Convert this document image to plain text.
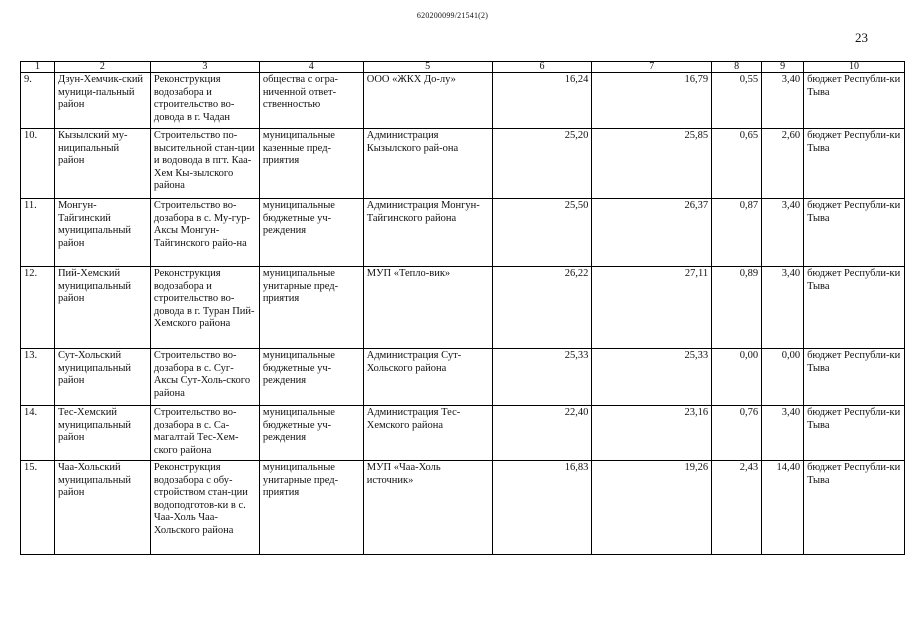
620200099/21541(2)
23
1	2	3	4	5	6	7	8	9	10
9.	Дзун-Хемчик-ский муници-пальный район	Реконструкция водозабора и строительство во-довода в г. Чадан	общества с огра-ниченной ответ-ственностью	ООО «ЖКХ До-лу»	16,24	16,79	0,55	3,40	бюджет Республи-ки Тыва
10.	Кызылский му-ниципальный район	Строительство по-высительной стан-ции и водовода в пгт. Каа-Хем Кы-зылского района	муниципальные казенные пред-приятия	Администрация Кызылского рай-она	25,20	25,85	0,65	2,60	бюджет Республи-ки Тыва
11.	Монгун-Тайгинский муниципальный район	Строительство во-дозабора в с. Му-гур-Аксы Монгун-Тайгинского райо-на	муниципальные бюджетные уч-реждения	Администрация Монгун-Тайгинского района	25,50	26,37	0,87	3,40	бюджет Республи-ки Тыва
12.	Пий-Хемский муниципальный район	Реконструкция водозабора и строительство во-довода в г. Туран Пий-Хемского района	муниципальные унитарные пред-приятия	МУП «Тепло-вик»	26,22	27,11	0,89	3,40	бюджет Республи-ки Тыва
13.	Сут-Хольский муниципальный район	Строительство во-дозабора в с. Суг-Аксы Сут-Холь-ского района	муниципальные бюджетные уч-реждения	Администрация Сут-Хольского района	25,33	25,33	0,00	0,00	бюджет Республи-ки Тыва
14.	Тес-Хемский муниципальный район	Строительство во-дозабора в с. Са-магалтай Тес-Хем-ского района	муниципальные бюджетные уч-реждения	Администрация Тес-Хемского района	22,40	23,16	0,76	3,40	бюджет Республи-ки Тыва
15.	Чаа-Хольский муниципальный район	Реконструкция водозабора с обу-стройством стан-ции водоподготов-ки в с. Чаа-Холь Чаа-Хольского района	муниципальные унитарные пред-приятия	МУП «Чаа-Холь источник»	16,83	19,26	2,43	14,40	бюджет Республи-ки Тыва
